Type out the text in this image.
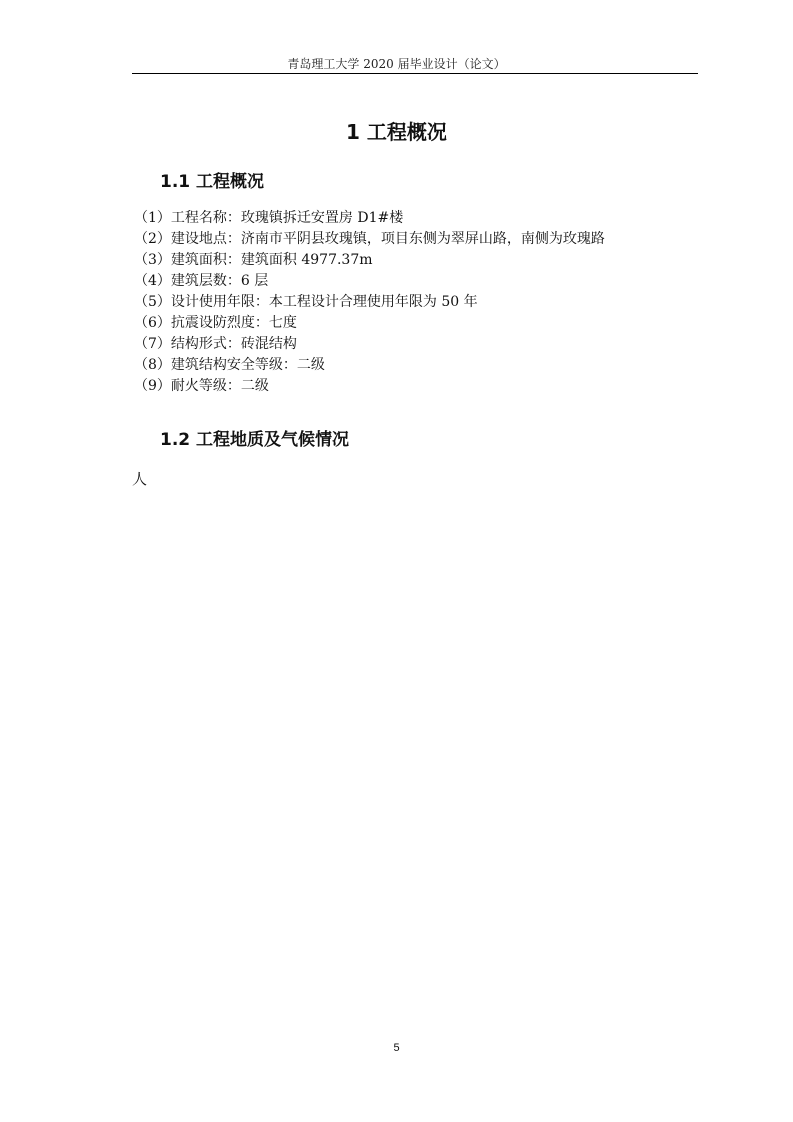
青岛理工大学 2020 届毕业设计（论文）
1 工程概况
1.1 工程概况
（1）工程名称：玫瑰镇拆迁安置房 D1#楼
（2）建设地点：济南市平阴县玫瑰镇，项目东侧为翠屏山路，南侧为玫瑰路
（3）建筑面积：建筑面积 4977.37m
（4）建筑层数：6 层
（5）设计使用年限：本工程设计合理使用年限为 50 年
（6）抗震设防烈度：七度
（7）结构形式：砖混结构
（8）建筑结构安全等级：二级
（9）耐火等级：二级
1.2 工程地质及气候情况
人
5
